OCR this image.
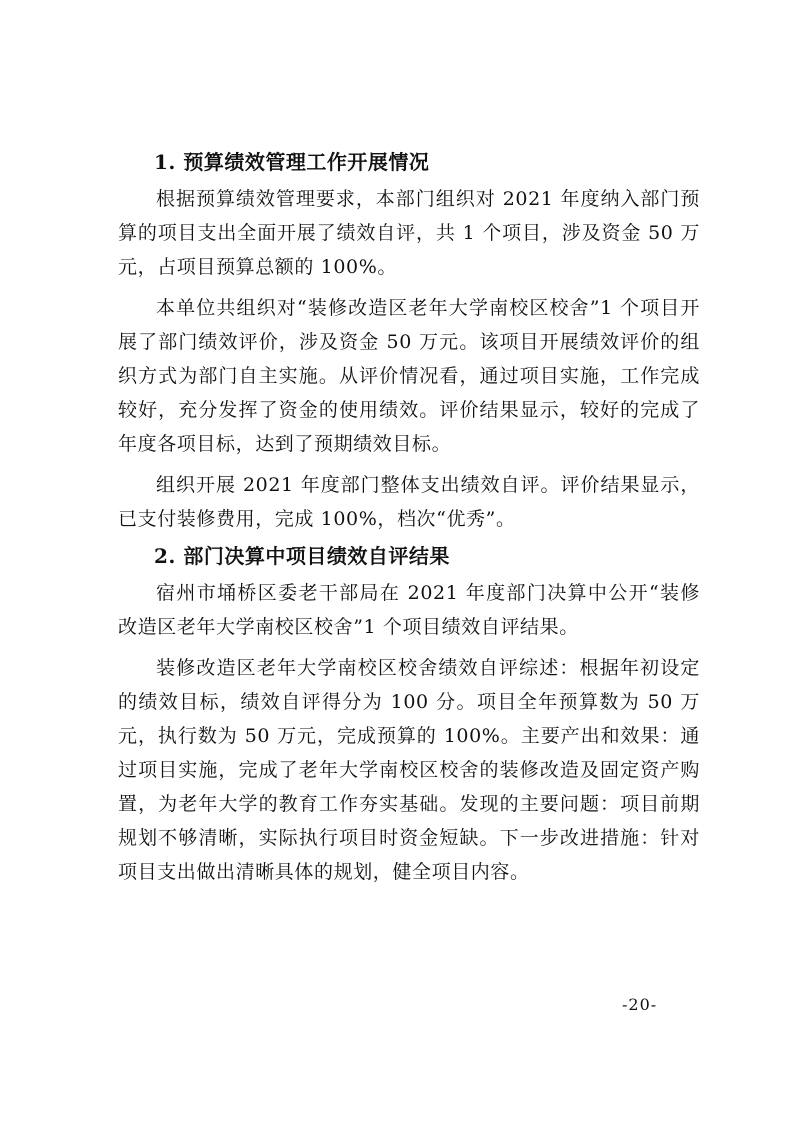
1. 预算绩效管理工作开展情况

根据预算绩效管理要求，本部门组织对 2021 年度纳入部门预算的项目支出全面开展了绩效自评，共 1 个项目，涉及资金 50 万元，占项目预算总额的 100%。

本单位共组织对“装修改造区老年大学南校区校舍”1 个项目开展了部门绩效评价，涉及资金 50 万元。该项目开展绩效评价的组织方式为部门自主实施。从评价情况看，通过项目实施，工作完成较好，充分发挥了资金的使用绩效。评价结果显示，较好的完成了年度各项目标，达到了预期绩效目标。

组织开展 2021 年度部门整体支出绩效自评。评价结果显示，已支付装修费用，完成 100%，档次“优秀”。

2. 部门决算中项目绩效自评结果

宿州市埇桥区委老干部局在 2021 年度部门决算中公开“装修改造区老年大学南校区校舍”1 个项目绩效自评结果。

装修改造区老年大学南校区校舍绩效自评综述：根据年初设定的绩效目标，绩效自评得分为 100 分。项目全年预算数为 50 万元，执行数为 50 万元，完成预算的 100%。主要产出和效果：通过项目实施，完成了老年大学南校区校舍的装修改造及固定资产购置，为老年大学的教育工作夯实基础。发现的主要问题：项目前期规划不够清晰，实际执行项目时资金短缺。下一步改进措施：针对项目支出做出清晰具体的规划，健全项目内容。

-20-
